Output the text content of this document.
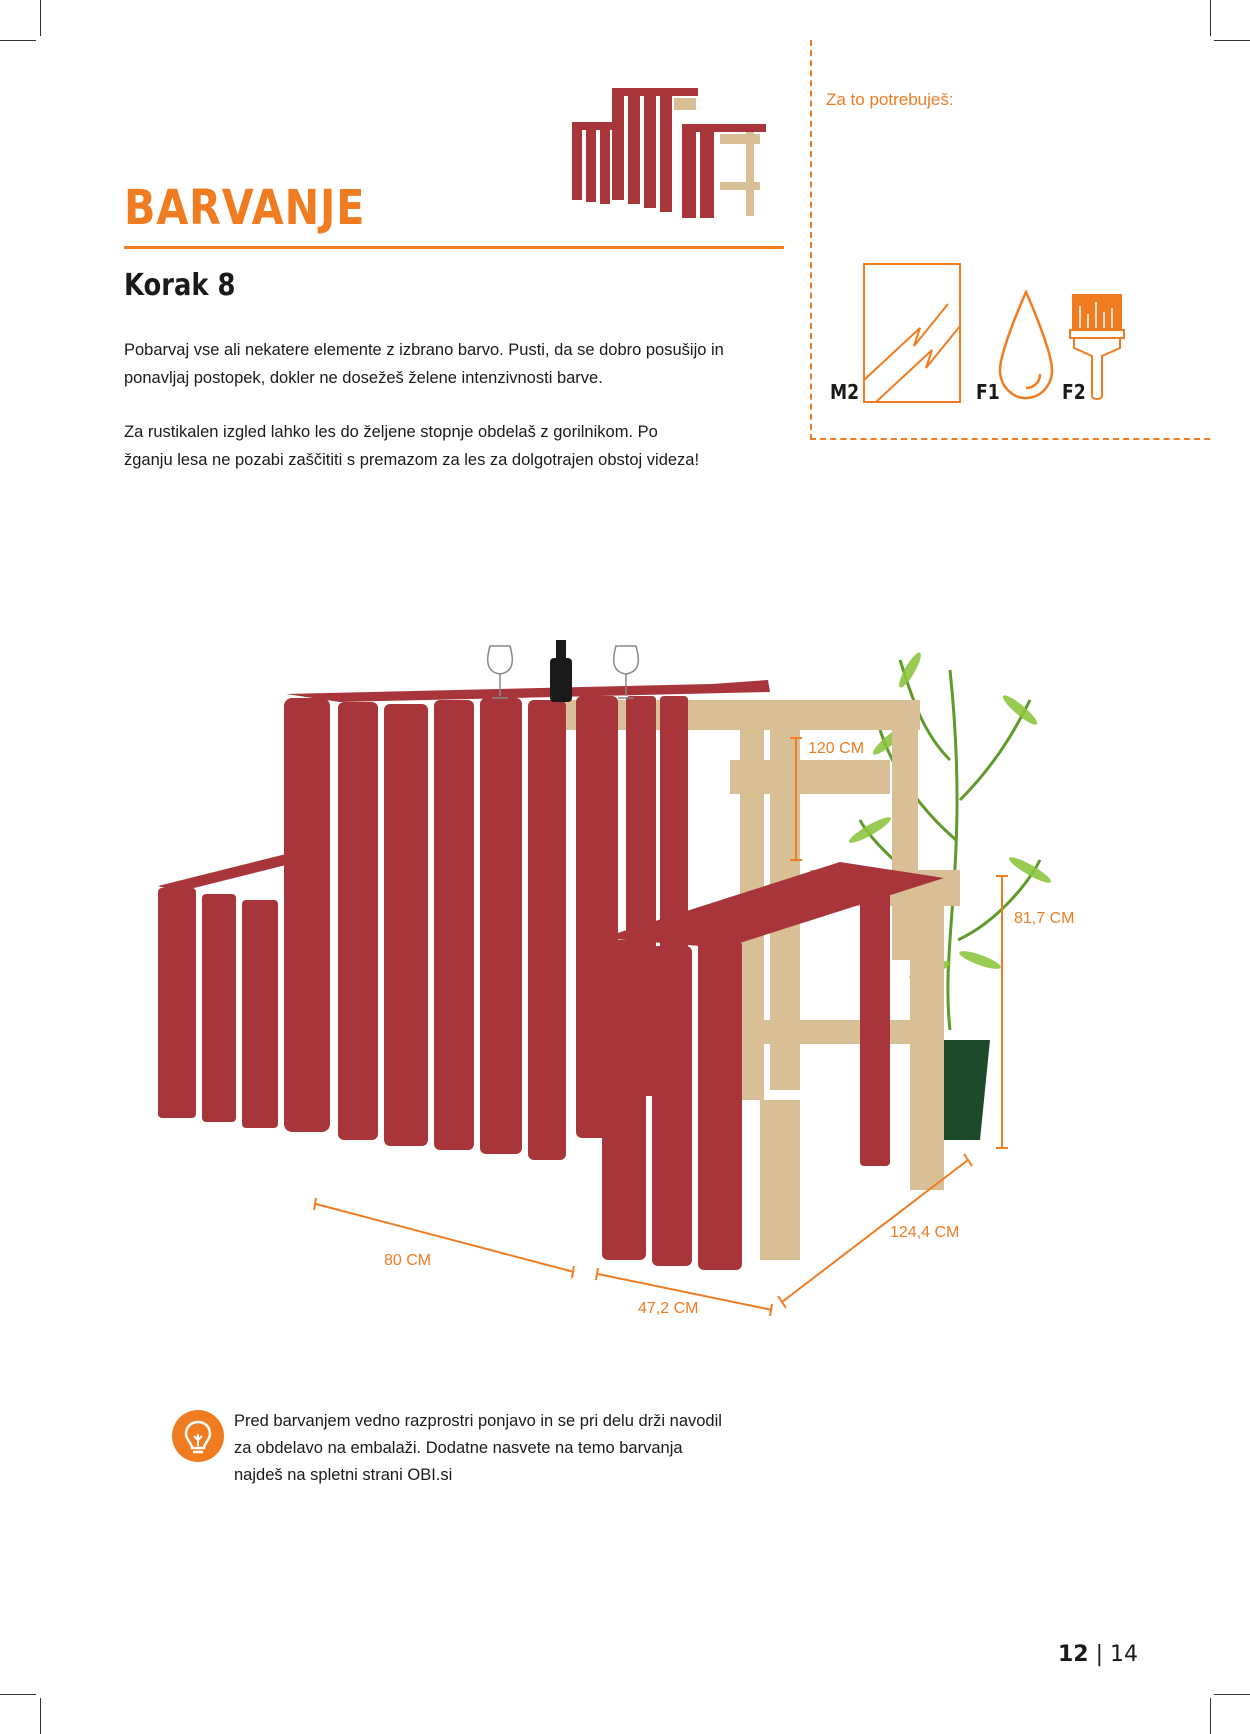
BARVANJE
Korak 8

Pobarvaj vse ali nekatere elemente z izbrano barvo. Pusti, da se dobro posušijo in ponavljaj postopek, dokler ne dosežeš želene intenzivnosti barve.

Za rustikalen izgled lahko les do željene stopnje obdelaš z gorilnikom. Po žganju lesa ne pozabi zaščititi s premazom za les za dolgotrajen obstoj videza!

Za to potrebuješ:
M2	F1	F2
120 CM
81,7 CM
80 CM
47,2 CM
124,4 CM

Pred barvanjem vedno razprostri ponjavo in se pri delu drži navodil za obdelavo na embalaži. Dodatne nasvete na temo barvanja najdeš na spletni strani OBI.si

12 | 14
